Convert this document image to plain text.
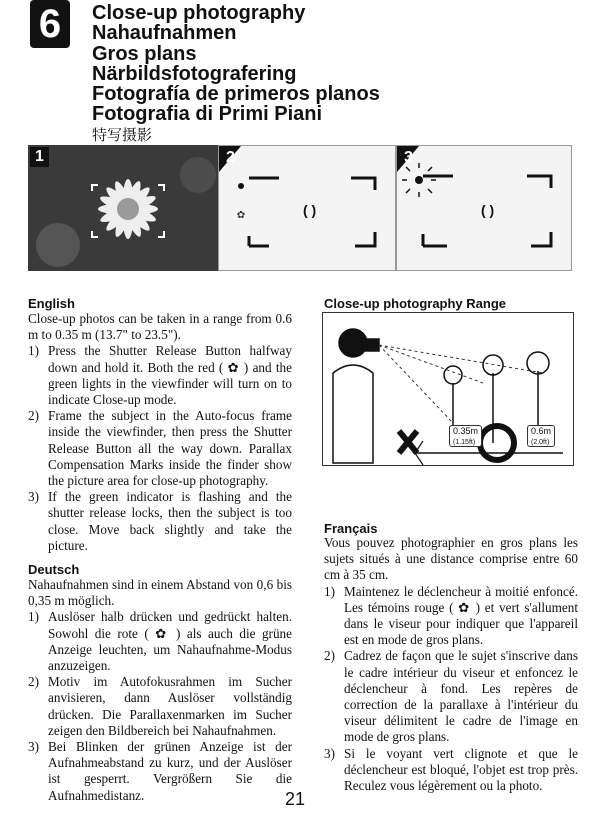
6	Close-up photography
Nahaufnahmen
Gros plans
Närbildsfotografering
Fotografía de primeros planos
Fotografia di Primi Piani
特写摄影
1
✿
2
( )
3
( )
English

Close-up photos can be taken in a range from 0.6 m to 0.35 m (13.7" to 23.5").

1) Press the Shutter Release Button halfway down and hold it. Both the red ( ✿ ) and the green lights in the viewfinder will turn on to indicate Close-up mode.
2) Frame the subject in the Auto-focus frame inside the viewfinder, then press the Shutter Release Button all the way down. Parallax Compensation Marks inside the finder show the picture area for close-up photography.
3) If the green indicator is flashing and the shutter release locks, then the subject is too close. Move back slightly and take the picture.
Deutsch

Nahaufnahmen sind in einem Abstand von 0,6 bis 0,35 m möglich.

1) Auslöser halb drücken und gedrückt halten. Sowohl die rote ( ✿ ) als auch die grüne Anzeige leuchten, um Nahaufnahme-Modus anzuzeigen.
2) Motiv im Autofokusrahmen im Sucher anvisieren, dann Auslöser vollständig drücken. Die Parallaxenmarken im Sucher zeigen den Bildbereich bei Nahaufnahmen.
3) Bei Blinken der grünen Anzeige ist der Aufnahmeabstand zu kurz, und der Auslöser ist gesperrt. Vergrößern Sie die Aufnahmedistanz.
Close-up photography Range
0.35m
(1.15ft)
0.6m
(2.0ft)
Français

Vous pouvez photographier en gros plans les sujets situés à une distance comprise entre 60 cm à 35 cm.

1) Maintenez le déclencheur à moitié enfoncé. Les témoins rouge ( ✿ ) et vert s'allument dans le viseur pour indiquer que l'appareil est en mode de gros plans.
2) Cadrez de façon que le sujet s'inscrive dans le cadre intérieur du viseur et enfoncez le déclencheur à fond. Les repères de correction de la parallaxe à l'intérieur du viseur délimitent le cadre de l'image en mode de gros plans.
3) Si le voyant vert clignote et que le déclencheur est bloqué, l'objet est trop près. Reculez vous légèrement ou la photo.
21
